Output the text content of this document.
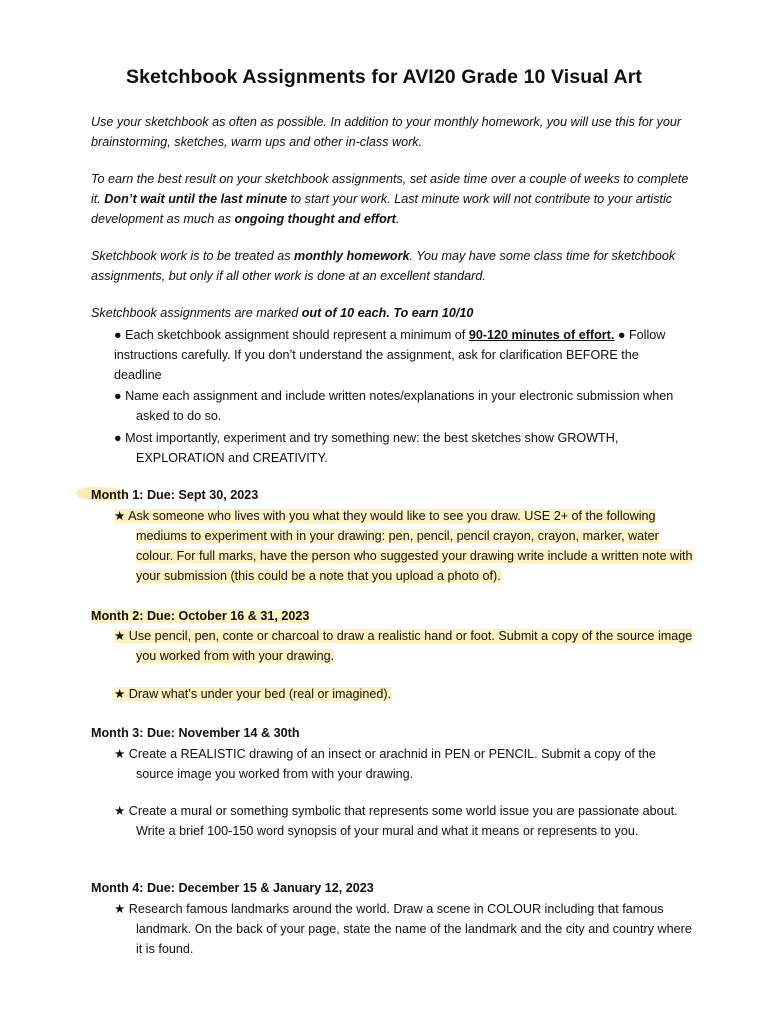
Sketchbook Assignments for AVI20 Grade 10 Visual Art

Use your sketchbook as often as possible. In addition to your monthly homework, you will use this for your brainstorming, sketches, warm ups and other in-class work.

To earn the best result on your sketchbook assignments, set aside time over a couple of weeks to complete it. Don’t wait until the last minute to start your work. Last minute work will not contribute to your artistic development as much as ongoing thought and effort.

Sketchbook work is to be treated as monthly homework. You may have some class time for sketchbook assignments, but only if all other work is done at an excellent standard.

Sketchbook assignments are marked out of 10 each. To earn 10/10

● Each sketchbook assignment should represent a minimum of 90-120 minutes of effort. ● Follow instructions carefully. If you don’t understand the assignment, ask for clarification BEFORE the deadline

● Name each assignment and include written notes/explanations in your electronic submission when asked to do so.

● Most importantly, experiment and try something new: the best sketches show GROWTH, EXPLORATION and CREATIVITY.

Month 1: Due: Sept 30, 2023

★ Ask someone who lives with you what they would like to see you draw. USE 2+ of the following mediums to experiment with in your drawing: pen, pencil, pencil crayon, crayon, marker, water colour. For full marks, have the person who suggested your drawing write include a written note with your submission (this could be a note that you upload a photo of).

Month 2: Due: October 16 & 31, 2023

★ Use pencil, pen, conte or charcoal to draw a realistic hand or foot. Submit a copy of the source image you worked from with your drawing.

★ Draw what’s under your bed (real or imagined).

Month 3: Due: November 14 & 30th

★ Create a REALISTIC drawing of an insect or arachnid in PEN or PENCIL. Submit a copy of the source image you worked from with your drawing.

★ Create a mural or something symbolic that represents some world issue you are passionate about. Write a brief 100-150 word synopsis of your mural and what it means or represents to you.

Month 4: Due: December 15 & January 12, 2023

★ Research famous landmarks around the world. Draw a scene in COLOUR including that famous landmark. On the back of your page, state the name of the landmark and the city and country where it is found.
